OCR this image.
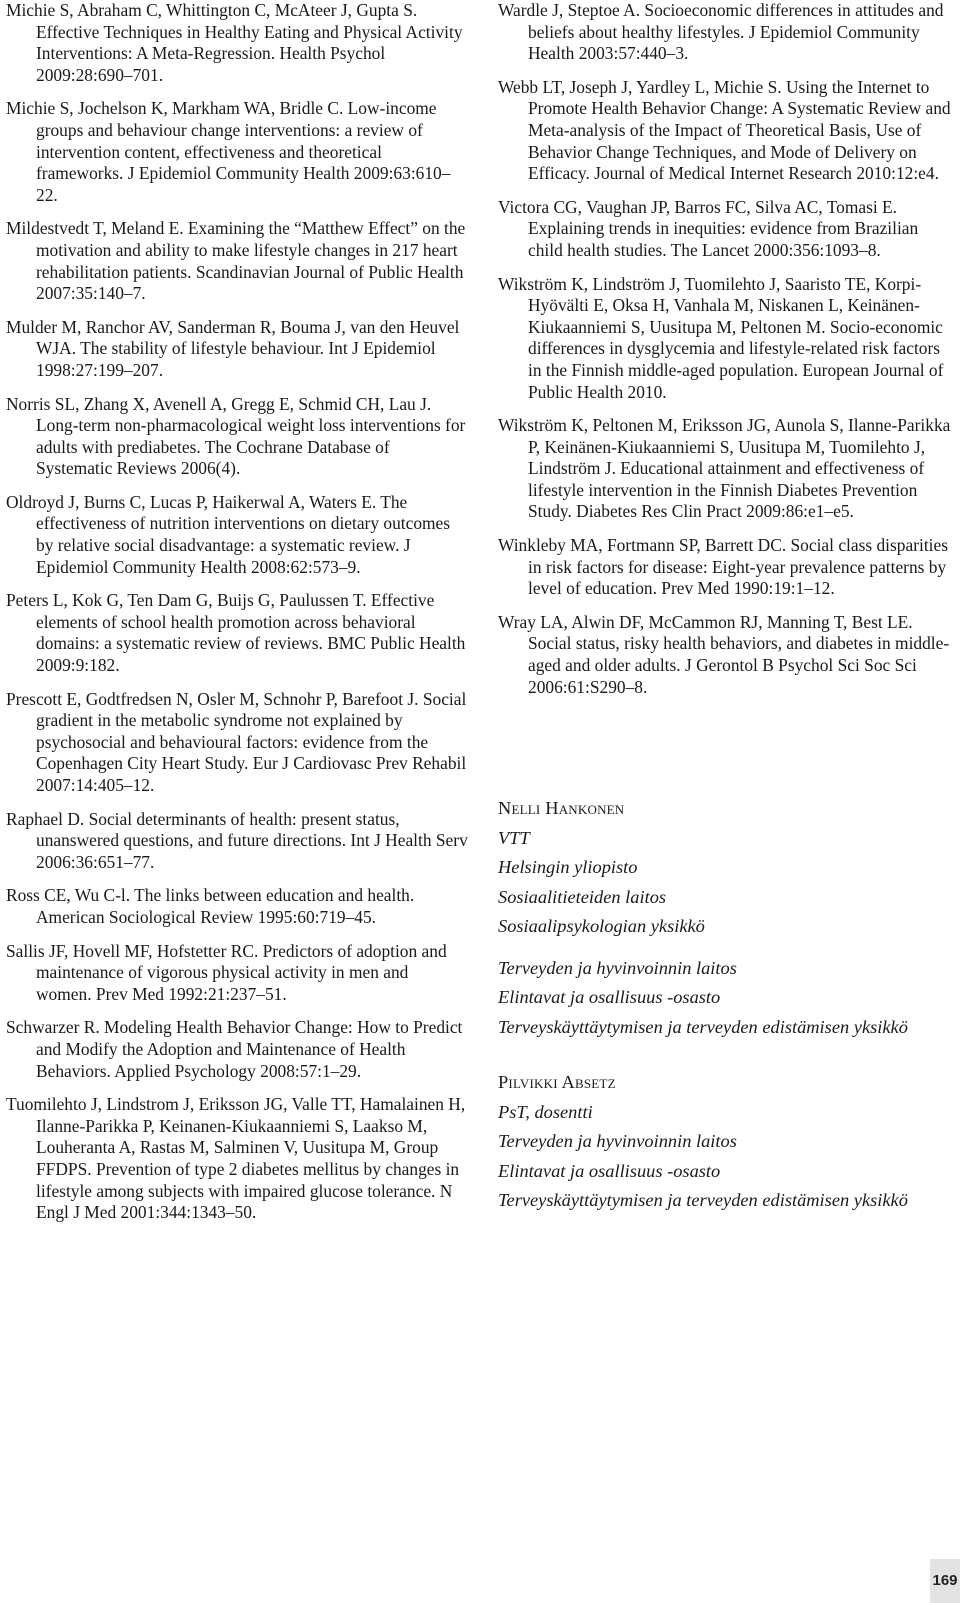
Michie S, Abraham C, Whittington C, McAteer J, Gupta S. Effective Techniques in Healthy Eating and Physical Activity Interventions: A Meta-Regression. Health Psychol 2009:28:690–701.

Michie S, Jochelson K, Markham WA, Bridle C. Low-income groups and behaviour change interventions: a review of intervention content, effectiveness and theoretical frameworks. J Epidemiol Community Health 2009:63:610–22.

Mildestvedt T, Meland E. Examining the “Matthew Effect” on the motivation and ability to make lifestyle changes in 217 heart rehabilitation patients. Scandinavian Journal of Public Health 2007:35:140–7.

Mulder M, Ranchor AV, Sanderman R, Bouma J, van den Heuvel WJA. The stability of lifestyle behaviour. Int J Epidemiol 1998:27:199–207.

Norris SL, Zhang X, Avenell A, Gregg E, Schmid CH, Lau J. Long-term non-pharmacological weight loss interventions for adults with prediabetes. The Cochrane Database of Systematic Reviews 2006(4).

Oldroyd J, Burns C, Lucas P, Haikerwal A, Waters E. The effectiveness of nutrition interventions on dietary outcomes by relative social disadvantage: a systematic review. J Epidemiol Community Health 2008:62:573–9.

Peters L, Kok G, Ten Dam G, Buijs G, Paulussen T. Effective elements of school health promotion across behavioral domains: a systematic review of reviews. BMC Public Health 2009:9:182.

Prescott E, Godtfredsen N, Osler M, Schnohr P, Barefoot J. Social gradient in the metabolic syndrome not explained by psychosocial and behavioural factors: evidence from the Copenhagen City Heart Study. Eur J Cardiovasc Prev Rehabil 2007:14:405–12.

Raphael D. Social determinants of health: present status, unanswered questions, and future directions. Int J Health Serv 2006:36:651–77.

Ross CE, Wu C-l. The links between education and health. American Sociological Review 1995:60:719–45.

Sallis JF, Hovell MF, Hofstetter RC. Predictors of adoption and maintenance of vigorous physical activity in men and women. Prev Med 1992:21:237–51.

Schwarzer R. Modeling Health Behavior Change: How to Predict and Modify the Adoption and Maintenance of Health Behaviors. Applied Psychology 2008:57:1–29.

Tuomilehto J, Lindstrom J, Eriksson JG, Valle TT, Hamalainen H, Ilanne-Parikka P, Keinanen-Kiukaanniemi S, Laakso M, Louheranta A, Rastas M, Salminen V, Uusitupa M, Group FFDPS. Prevention of type 2 diabetes mellitus by changes in lifestyle among subjects with impaired glucose tolerance. N Engl J Med 2001:344:1343–50.

Wardle J, Steptoe A. Socioeconomic differences in attitudes and beliefs about healthy lifestyles. J Epidemiol Community Health 2003:57:440–3.

Webb LT, Joseph J, Yardley L, Michie S. Using the Internet to Promote Health Behavior Change: A Systematic Review and Meta-analysis of the Impact of Theoretical Basis, Use of Behavior Change Techniques, and Mode of Delivery on Efficacy. Journal of Medical Internet Research 2010:12:e4.

Victora CG, Vaughan JP, Barros FC, Silva AC, Tomasi E. Explaining trends in inequities: evidence from Brazilian child health studies. The Lancet 2000:356:1093–8.

Wikström K, Lindström J, Tuomilehto J, Saaristo TE, Korpi-Hyövälti E, Oksa H, Vanhala M, Niskanen L, Keinänen-Kiukaanniemi S, Uusitupa M, Peltonen M. Socio-economic differences in dysglycemia and lifestyle-related risk factors in the Finnish middle-aged population. European Journal of Public Health 2010.

Wikström K, Peltonen M, Eriksson JG, Aunola S, Ilanne-Parikka P, Keinänen-Kiukaanniemi S, Uusitupa M, Tuomilehto J, Lindström J. Educational attainment and effectiveness of lifestyle intervention in the Finnish Diabetes Prevention Study. Diabetes Res Clin Pract 2009:86:e1–e5.

Winkleby MA, Fortmann SP, Barrett DC. Social class disparities in risk factors for disease: Eight-year prevalence patterns by level of education. Prev Med 1990:19:1–12.

Wray LA, Alwin DF, McCammon RJ, Manning T, Best LE. Social status, risky health behaviors, and diabetes in middle-aged and older adults. J Gerontol B Psychol Sci Soc Sci 2006:61:S290–8.

Nelli Hankonen
VTT
Helsingin yliopisto
Sosiaalitieteiden laitos
Sosiaalipsykologian yksikkö
Terveyden ja hyvinvoinnin laitos
Elintavat ja osallisuus -osasto
Terveyskäyttäytymisen ja terveyden edistämisen yksikkö
Pilvikki Absetz
PsT, dosentti
Terveyden ja hyvinvoinnin laitos
Elintavat ja osallisuus -osasto
Terveyskäyttäytymisen ja terveyden edistämisen yksikkö
169
